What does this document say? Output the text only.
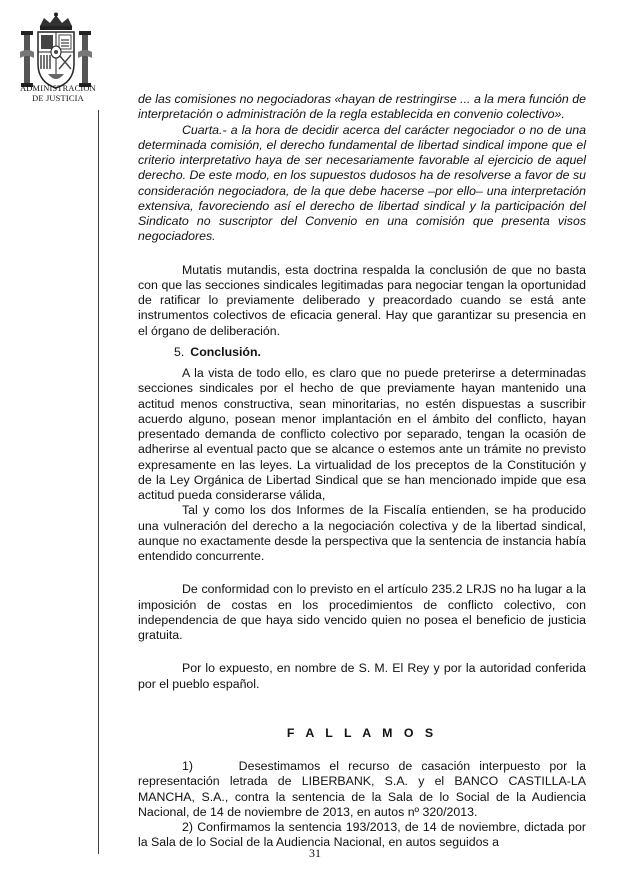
ADMINISTRACION
DE JUSTICIA	de las comisiones no negociadoras «hayan de restringirse ... a la mera función de interpretación o administración de la regla establecida en convenio colectivo».

Cuarta.- a la hora de decidir acerca del carácter negociador o no de una determinada comisión, el derecho fundamental de libertad sindical impone que el criterio interpretativo haya de ser necesariamente favorable al ejercicio de aquel derecho. De este modo, en los supuestos dudosos ha de resolverse a favor de su consideración negociadora, de la que debe hacerse –por ello– una interpretación extensiva, favoreciendo así el derecho de libertad sindical y la participación del Sindicato no suscriptor del Convenio en una comisión que presenta visos negociadores.

Mutatis mutandis, esta doctrina respalda la conclusión de que no basta con que las secciones sindicales legitimadas para negociar tengan la oportunidad de ratificar lo previamente deliberado y preacordado cuando se está ante instrumentos colectivos de eficacia general. Hay que garantizar su presencia en el órgano de deliberación.

5. Conclusión.

A la vista de todo ello, es claro que no puede preterirse a determinadas secciones sindicales por el hecho de que previamente hayan mantenido una actitud menos constructiva, sean minoritarias, no estén dispuestas a suscribir acuerdo alguno, posean menor implantación en el ámbito del conflicto, hayan presentado demanda de conflicto colectivo por separado, tengan la ocasión de adherirse al eventual pacto que se alcance o estemos ante un trámite no previsto expresamente en las leyes. La virtualidad de los preceptos de la Constitución y de la Ley Orgánica de Libertad Sindical que se han mencionado impide que esa actitud pueda considerarse válida,

Tal y como los dos Informes de la Fiscalía entienden, se ha producido una vulneración del derecho a la negociación colectiva y de la libertad sindical, aunque no exactamente desde la perspectiva que la sentencia de instancia había entendido concurrente.

De conformidad con lo previsto en el artículo 235.2 LRJS no ha lugar a la imposición de costas en los procedimientos de conflicto colectivo, con independencia de que haya sido vencido quien no posea el beneficio de justicia gratuita.

Por lo expuesto, en nombre de S. M. El Rey y por la autoridad conferida por el pueblo español.

F A L L A M O S

1)	Desestimamos el recurso de casación interpuesto por la representación letrada de LIBERBANK, S.A. y el BANCO CASTILLA-LA MANCHA, S.A., contra la sentencia de la Sala de lo Social de la Audiencia Nacional, de 14 de noviembre de 2013, en autos nº 320/2013.

2) Confirmamos la sentencia 193/2013, de 14 de noviembre, dictada por la Sala de lo Social de la Audiencia Nacional, en autos seguidos a

31
